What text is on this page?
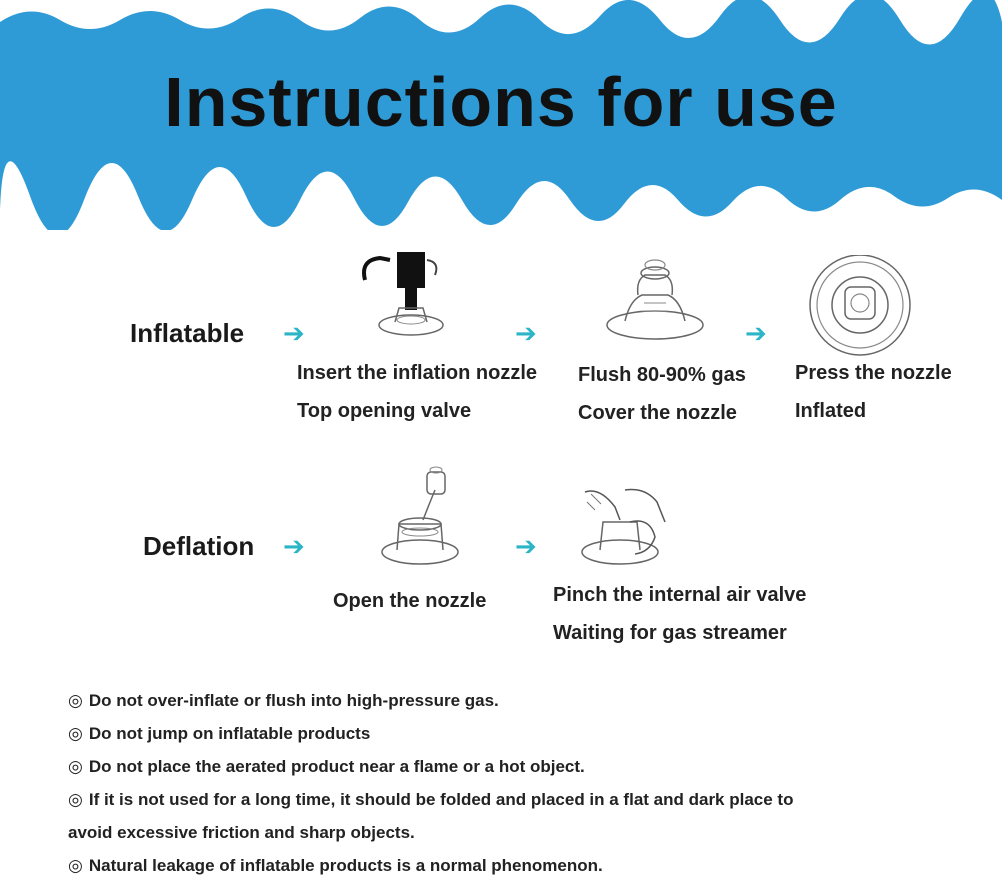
Instructions for use
Inflatable ➔	➔	➔
Insert the inflation nozzle
Top opening valve
Flush 80-90% gas
Cover the nozzle
Press the nozzle
Inflated
Deflation ➔	➔
Open the nozzle	Pinch the internal air valve
Waiting for gas streamer
◎ Do not over-inflate or flush into high-pressure gas.
◎ Do not jump on inflatable products
◎ Do not place the aerated product near a flame or a hot object.
◎ If it is not used for a long time, it should be folded and placed in a flat and dark place to
avoid excessive friction and sharp objects.
◎ Natural leakage of inflatable products is a normal phenomenon.
